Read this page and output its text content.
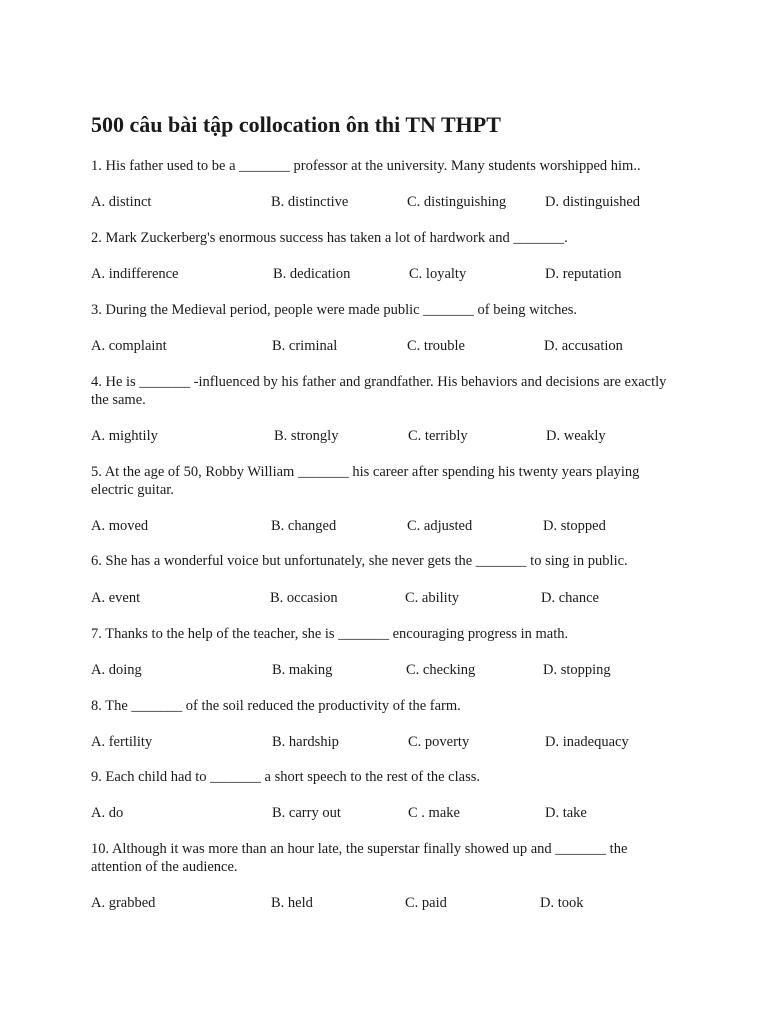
500 câu bài tập collocation ôn thi TN THPT
1. His father used to be a _______ professor at the university. Many students worshipped him..
A. distinct	B. distinctive	C. distinguishing	D. distinguished
2. Mark Zuckerberg's enormous success has taken a lot of hardwork and _______.
A. indifference	B. dedication	C. loyalty	D. reputation
3. During the Medieval period, people were made public _______ of being witches.
A. complaint	B. criminal	C. trouble	D. accusation
4. He is _______ -influenced by his father and grandfather. His behaviors and decisions are exactly the same.
A. mightily	B. strongly	C. terribly	D. weakly
5. At the age of 50, Robby William _______ his career after spending his twenty years playing electric guitar.
A. moved	B. changed	C. adjusted	D. stopped
6. She has a wonderful voice but unfortunately, she never gets the _______ to sing in public.
A. event	B. occasion	C. ability	D. chance
7. Thanks to the help of the teacher, she is _______ encouraging progress in math.
A. doing	B. making	C. checking	D. stopping
8. The _______ of the soil reduced the productivity of the farm.
A. fertility	B. hardship	C. poverty	D. inadequacy
9. Each child had to _______ a short speech to the rest of the class.
A. do	B. carry out	C . make	D. take
10. Although it was more than an hour late, the superstar finally showed up and _______ the attention of the audience.
A. grabbed	B. held	C. paid	D. took
